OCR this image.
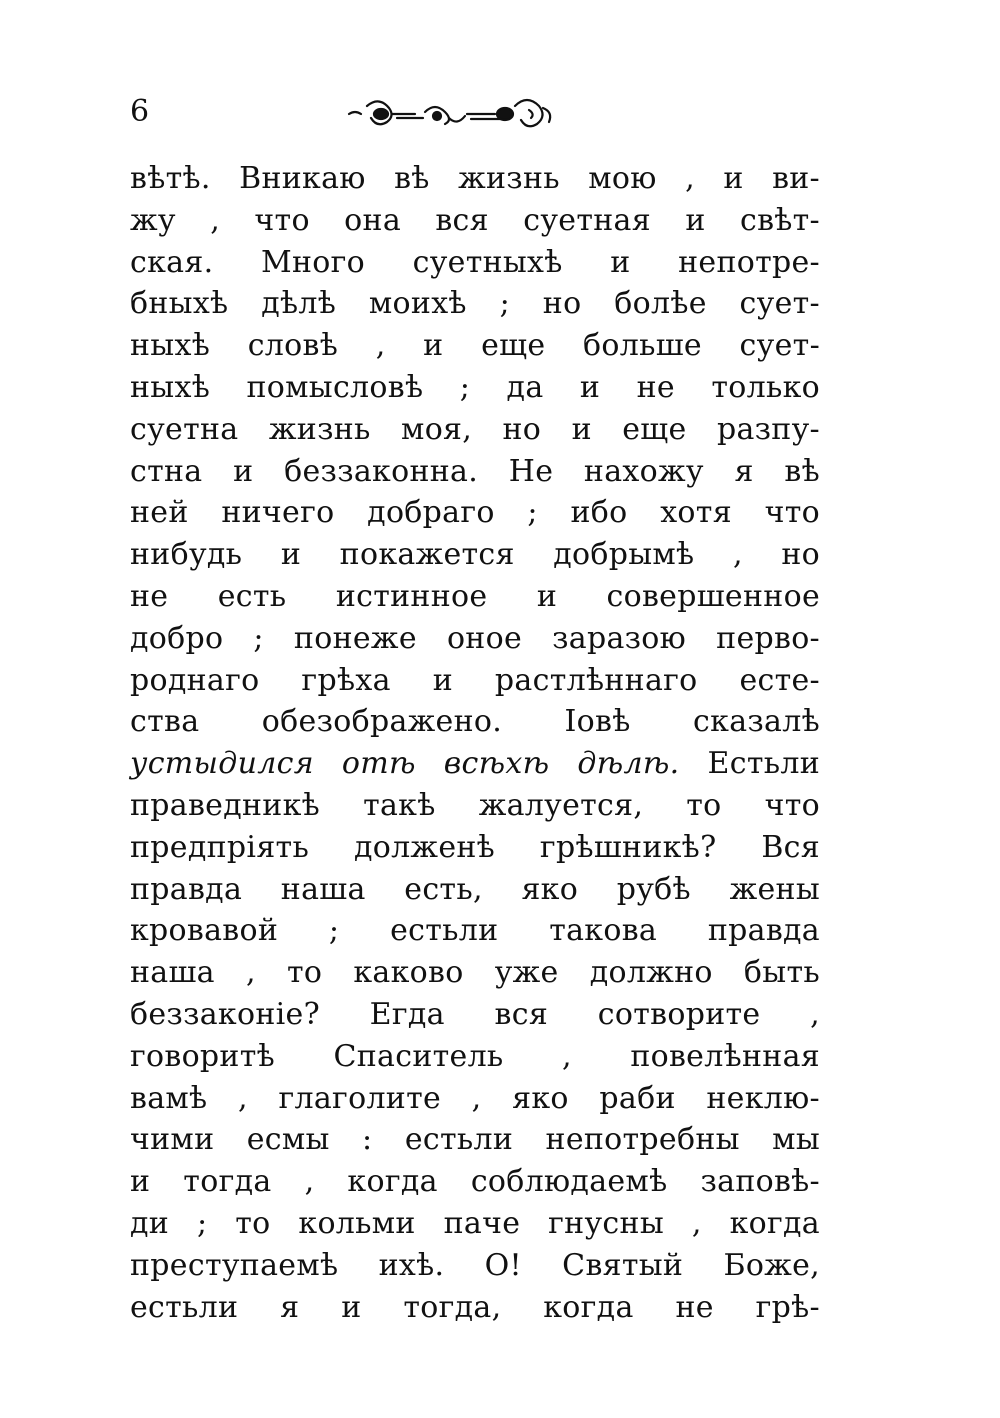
6
вѣтѣ. Вникаю вѣ жизнь мою , и ви-
жу , что она вся суетная и свѣт-
ская. Много суетныхѣ и непотре-
бныхѣ дѣлѣ моихѣ ; но болѣе сует-
ныхѣ словѣ , и еще больше сует-
ныхѣ помысловѣ ; да и не только
суетна жизнь моя, но и еще разпу-
стна и беззаконна. Не нахожу я вѣ
ней ничего добраго ; ибо хотя что
нибудь и покажется добрымѣ , но
не есть истинное и совершенное
добро ; понеже оное заразою перво-
роднаго грѣха и растлѣннаго есте-
ства обезображено. Іовѣ сказалѣ
устыдился отѣ всѣхѣ дѣлѣ. Естьли
праведникѣ такѣ жалуется, то что
предпріять долженѣ грѣшникѣ? Вся
правда наша есть, яко рубѣ жены
кровавой ; естьли такова правда
наша , то каково уже должно быть
беззаконіе? Егда вся сотворите ,
говоритѣ Спаситель , повелѣнная
вамѣ , глаголите , яко раби неклю-
чими есмы : естьли непотребны мы
и тогда , когда соблюдаемѣ заповѣ-
ди ; то кольми паче гнусны , когда
преступаемѣ ихѣ. О! Святый Боже,
естьли я и тогда, когда не грѣ-
